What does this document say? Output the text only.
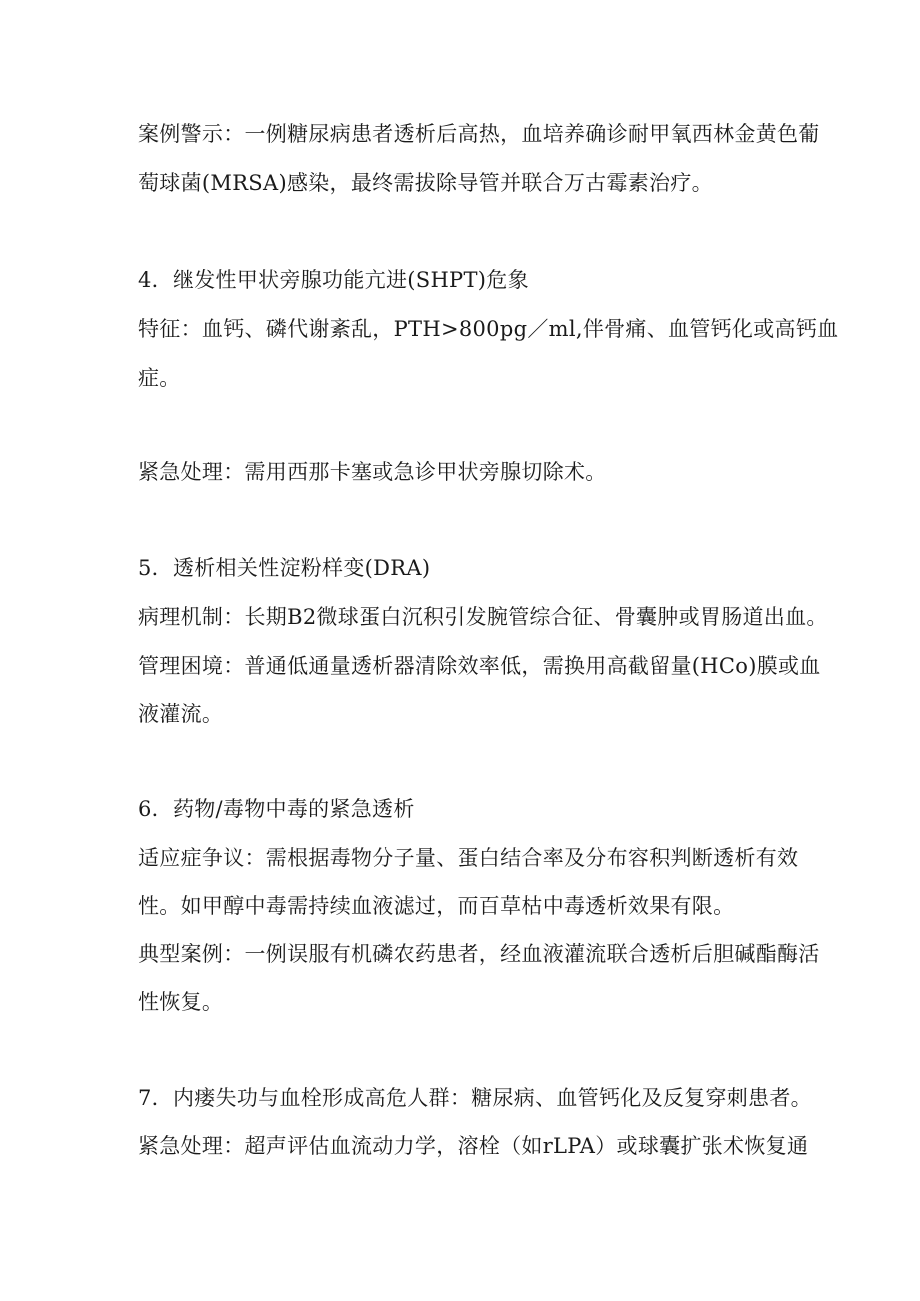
案例警示：一例糖尿病患者透析后高热，血培养确诊耐甲氧西林金黄色葡
萄球菌(MRSA)感染，最终需拔除导管并联合万古霉素治疗。
4．继发性甲状旁腺功能亢进(SHPT)危象
特征：血钙、磷代谢紊乱，PTH>800pg／ml,伴骨痛、血管钙化或高钙血
症。
紧急处理：需用西那卡塞或急诊甲状旁腺切除术。
5．透析相关性淀粉样变(DRA)
病理机制：长期B2微球蛋白沉积引发腕管综合征、骨囊肿或胃肠道出血。
管理困境：普通低通量透析器清除效率低，需换用高截留量(HCo)膜或血
液灌流。
6．药物/毒物中毒的紧急透析
适应症争议：需根据毒物分子量、蛋白结合率及分布容积判断透析有效
性。如甲醇中毒需持续血液滤过，而百草枯中毒透析效果有限。
典型案例：一例误服有机磷农药患者，经血液灌流联合透析后胆碱酯酶活
性恢复。
7．内瘘失功与血栓形成高危人群：糖尿病、血管钙化及反复穿刺患者。
紧急处理：超声评估血流动力学，溶栓（如rLPA）或球囊扩张术恢复通
